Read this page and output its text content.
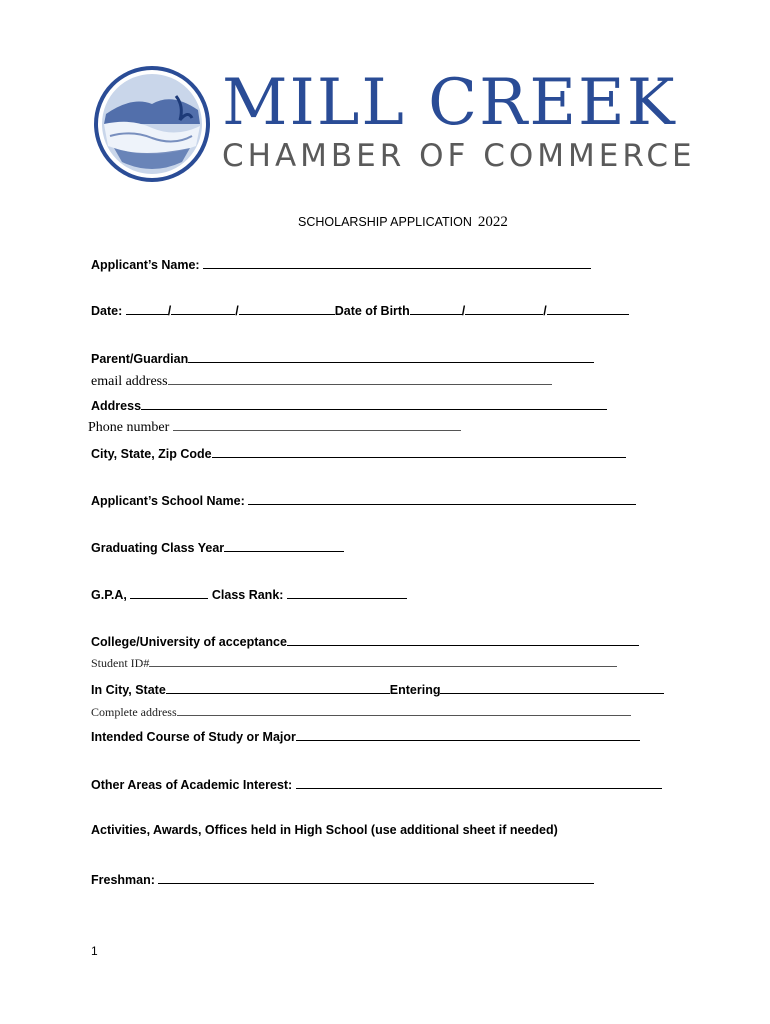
MILL CREEK
CHAMBER OF COMMERCE
SCHOLARSHIP APPLICATION 2022
Applicant’s Name:
Date:	/	/	Date of Birth	/	/
Parent/Guardian
email address
Address
Phone number
City, State, Zip Code
Applicant’s School Name:
Graduating Class Year
G.P.A,	Class Rank:
College/University of acceptance
Student ID#
In City, State	Entering
Complete address
Intended Course of Study or Major
Other Areas of Academic Interest:
Activities, Awards, Offices held in High School (use additional sheet if needed)
Freshman:
1
